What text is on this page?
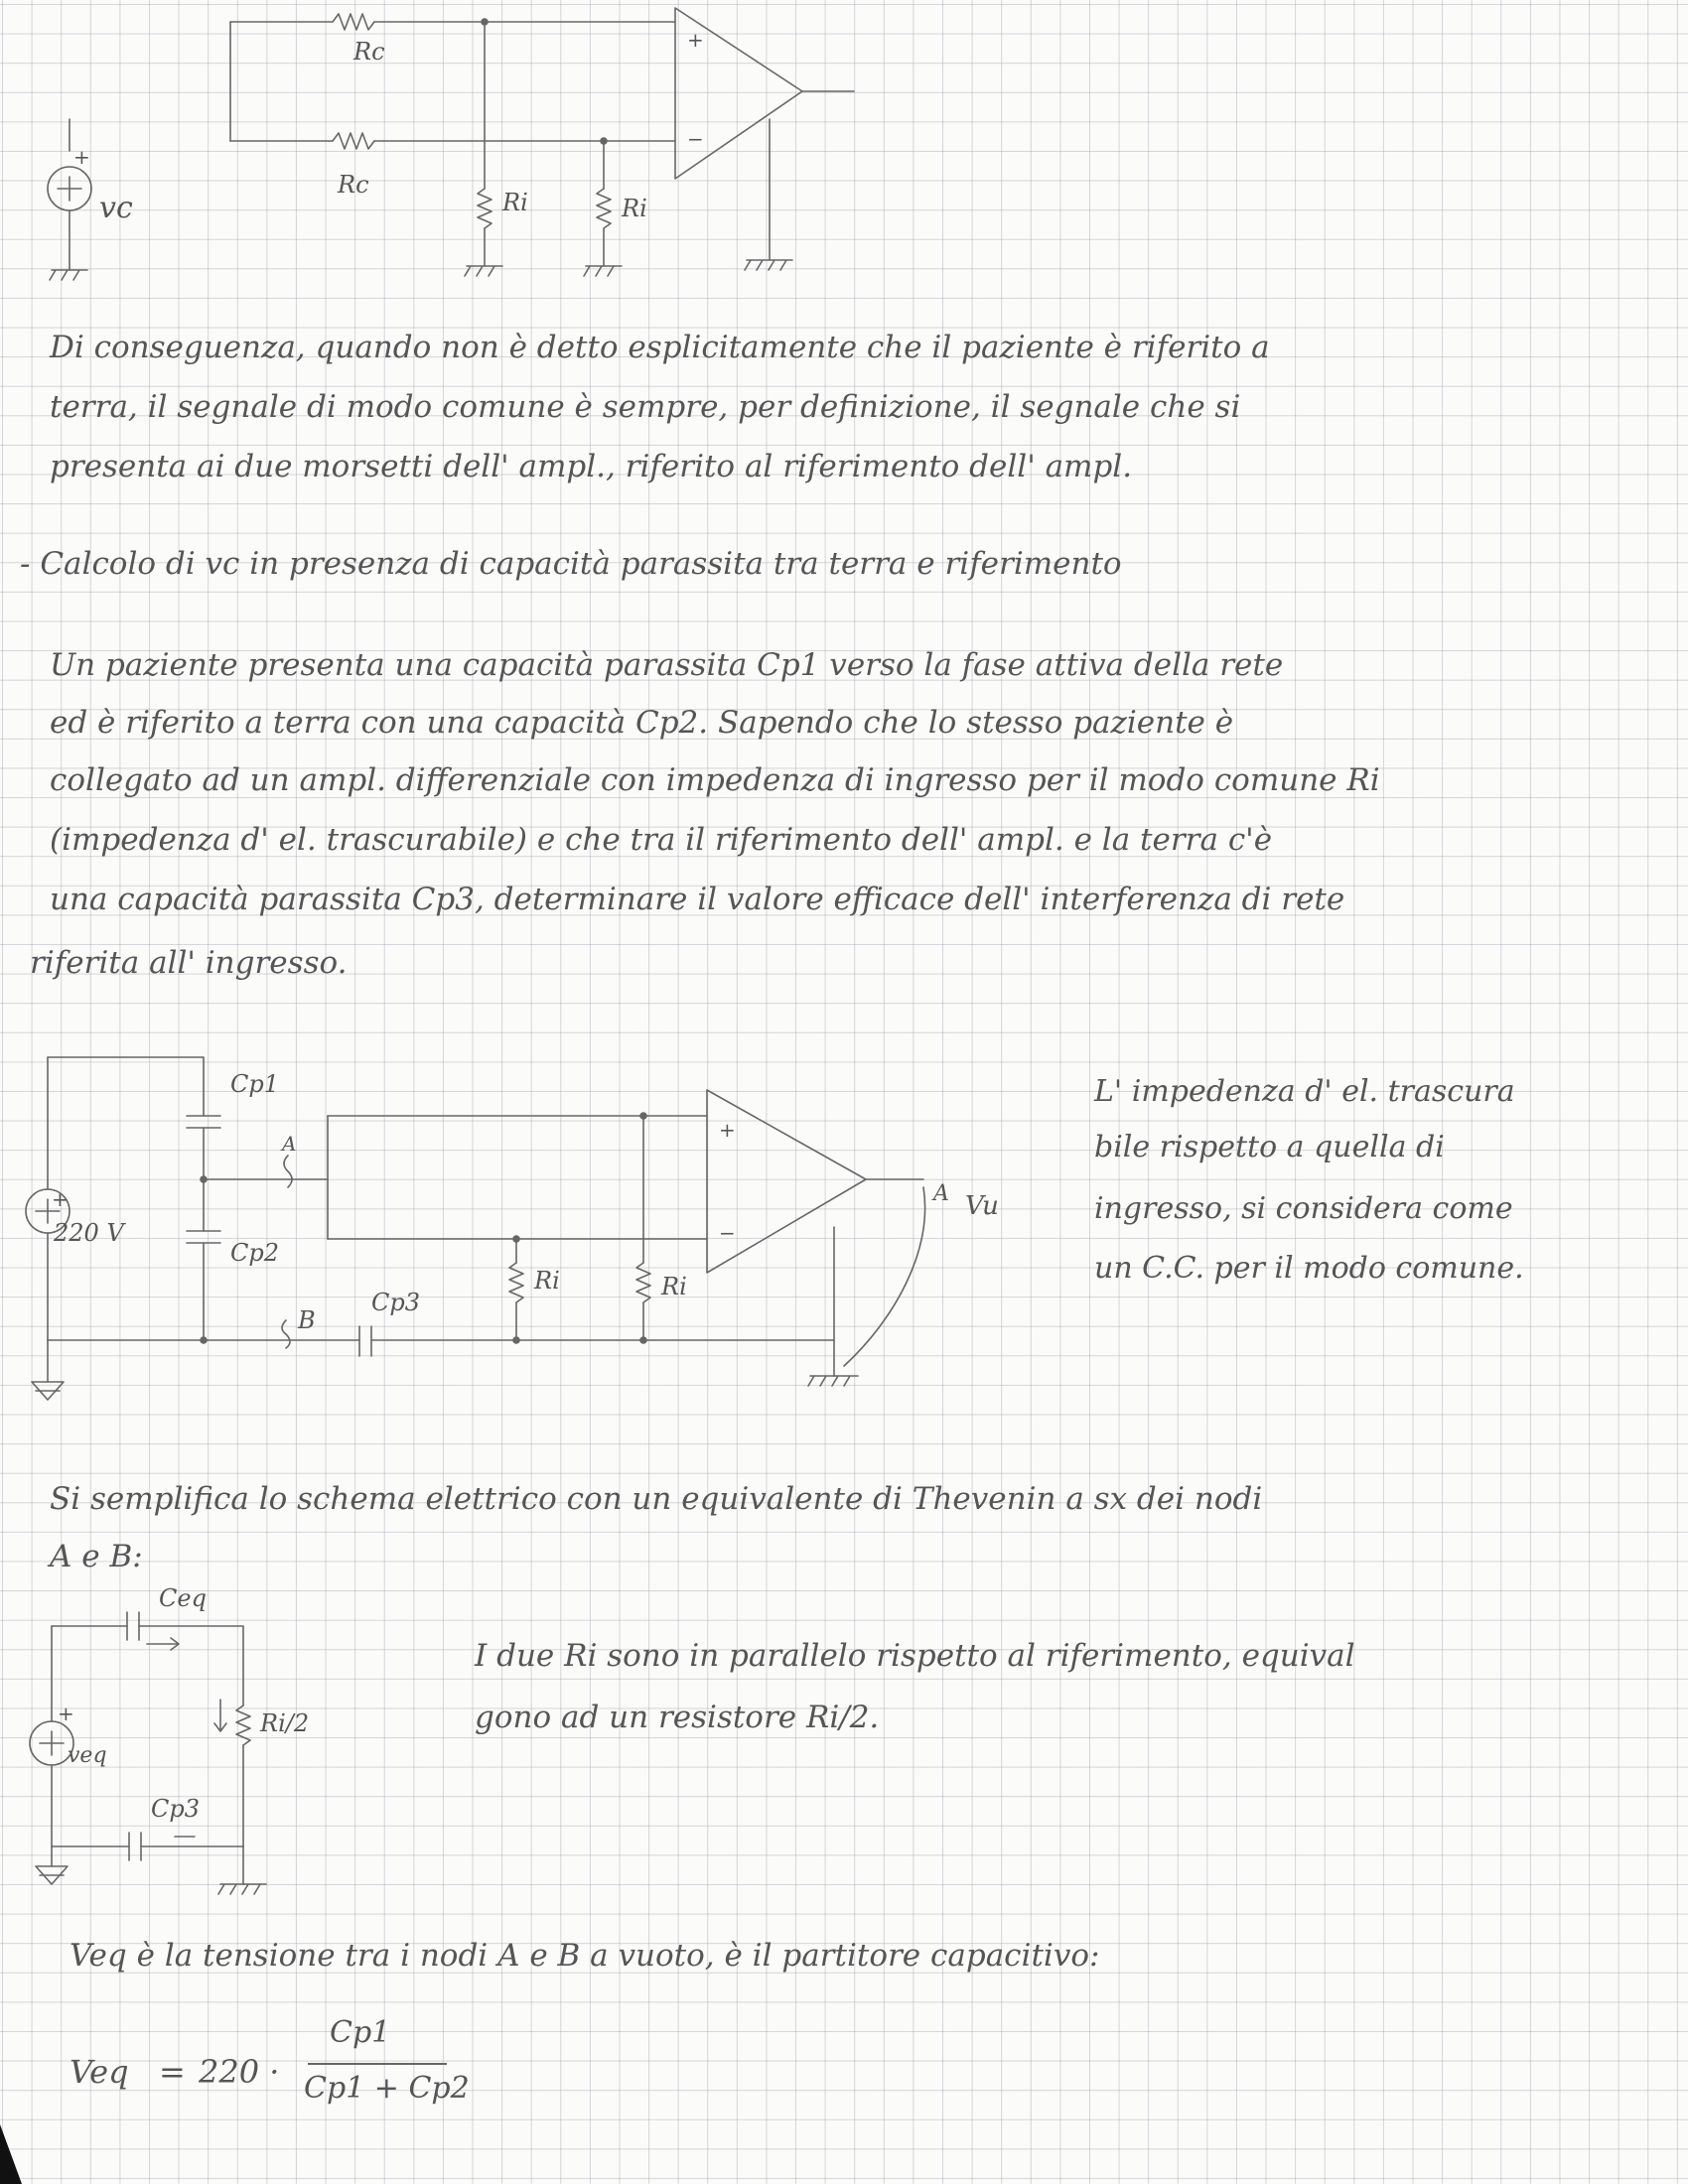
Rc
Rc
vc
+
Ri	Ri
+
−
Di conseguenza, quando non è detto esplicitamente che il paziente è riferito a
terra, il segnale di modo comune è sempre, per definizione, il segnale che si
presenta ai due morsetti dell' ampl., riferito al riferimento dell' ampl.
- Calcolo di vc in presenza di capacità parassita tra terra e riferimento
Un paziente presenta una capacità parassita Cp1 verso la fase attiva della rete
ed è riferito a terra con una capacità Cp2. Sapendo che lo stesso paziente è
collegato ad un ampl. differenziale con impedenza di ingresso per il modo comune Ri
(impedenza d' el. trascurabile) e che tra il riferimento dell' ampl. e la terra c'è
una capacità parassita Cp3, determinare il valore efficace dell' interferenza di rete
riferita all' ingresso.
220 V
+
Cp1
Cp2
Cp3
A
B
Ri	Ri
+
−
A Vu
L' impedenza d' el. trascura
bile rispetto a quella di
ingresso, si considera come
un C.C. per il modo comune.
Si semplifica lo schema elettrico con un equivalente di Thevenin a sx dei nodi
A e B:
Ceq
veq
+	Ri/2
Cp3
I due Ri sono in parallelo rispetto al riferimento, equival
gono ad un resistore Ri/2.
Veq è la tensione tra i nodi A e B a vuoto, è il partitore capacitivo:
Veq = 220 ·
Cp1
Cp1 + Cp2
